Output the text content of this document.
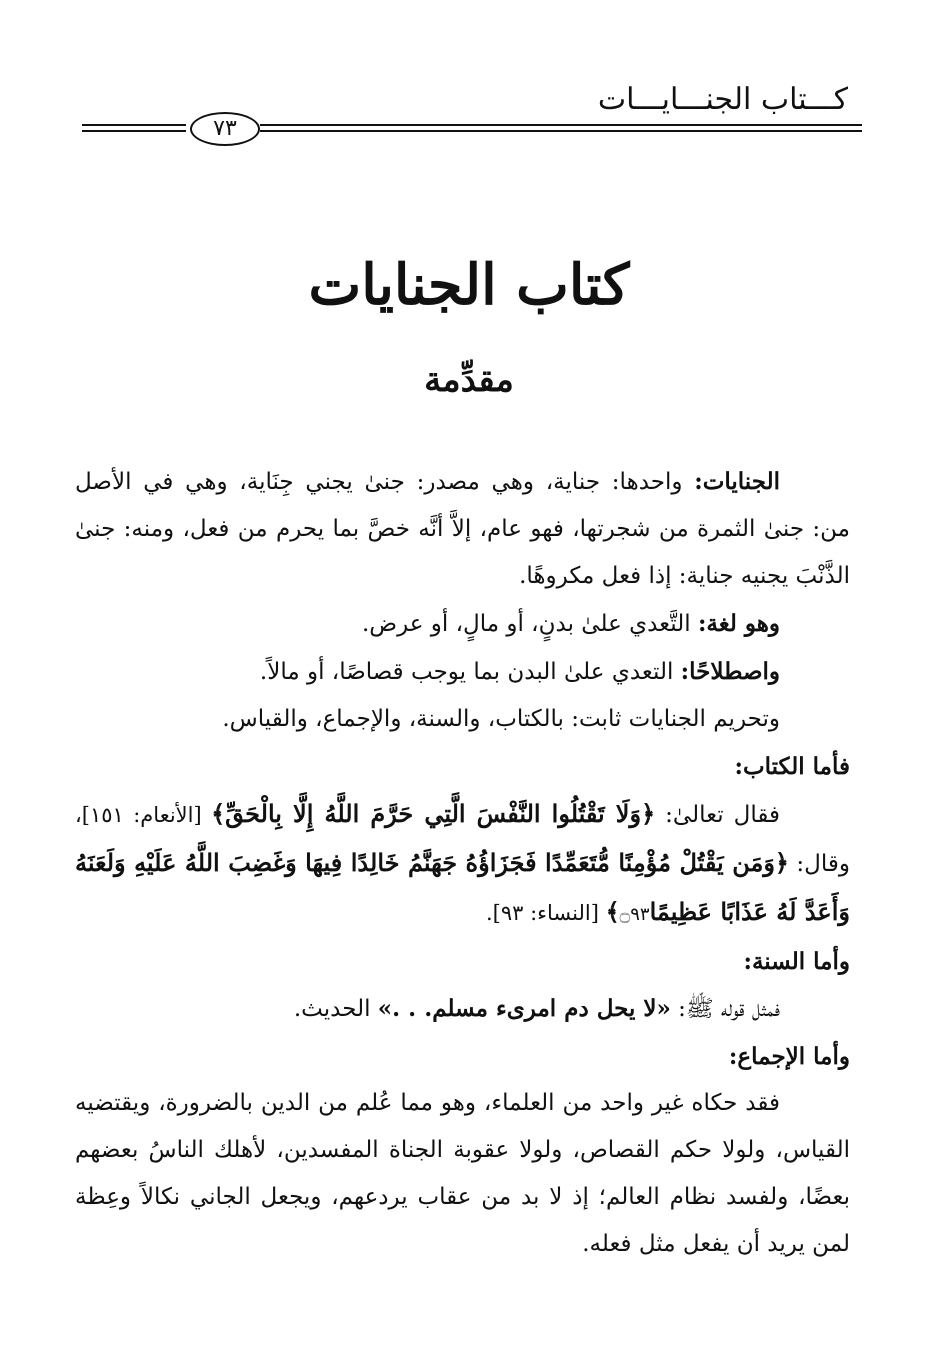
كـــتاب الجنـــايـــات
٧٣
كتاب الجنايات
مقدِّمة

الجنايات: واحدها: جناية، وهي مصدر: جنىٰ يجني جِنَاية، وهي في الأصل من: جنىٰ الثمرة من شجرتها، فهو عام، إلاَّ أنَّه خصَّ بما يحرم من فعل، ومنه: جنىٰ الذَّنْبَ يجنيه جناية: إذا فعل مكروهًا.

وهو لغة: التَّعدي علىٰ بدنٍ، أو مالٍ، أو عرض.

واصطلاحًا: التعدي علىٰ البدن بما يوجب قصاصًا، أو مالاً.

وتحريم الجنايات ثابت: بالكتاب، والسنة، والإجماع، والقياس.

فأما الكتاب:

فقال تعالىٰ: ﴿وَلَا تَقْتُلُوا النَّفْسَ الَّتِي حَرَّمَ اللَّهُ إِلَّا بِالْحَقِّ﴾ [الأنعام: ١٥١]، وقال: ﴿وَمَن يَقْتُلْ مُؤْمِنًا مُّتَعَمِّدًا فَجَزَاؤُهُ جَهَنَّمُ خَالِدًا فِيهَا وَغَضِبَ اللَّهُ عَلَيْهِ وَلَعَنَهُ وَأَعَدَّ لَهُ عَذَابًا عَظِيمًا۝٩٣﴾ [النساء: ٩٣].

وأما السنة:

فمثل قوله ﷺ: «لا يحل دم امرىء مسلم. . .» الحديث.

وأما الإجماع:

فقد حكاه غير واحد من العلماء، وهو مما عُلم من الدين بالضرورة، ويقتضيه القياس، ولولا حكم القصاص، ولولا عقوبة الجناة المفسدين، لأهلك الناسُ بعضهم بعضًا، ولفسد نظام العالم؛ إذ لا بد من عقاب يردعهم، ويجعل الجاني نكالاً وعِظة لمن يريد أن يفعل مثل فعله.
